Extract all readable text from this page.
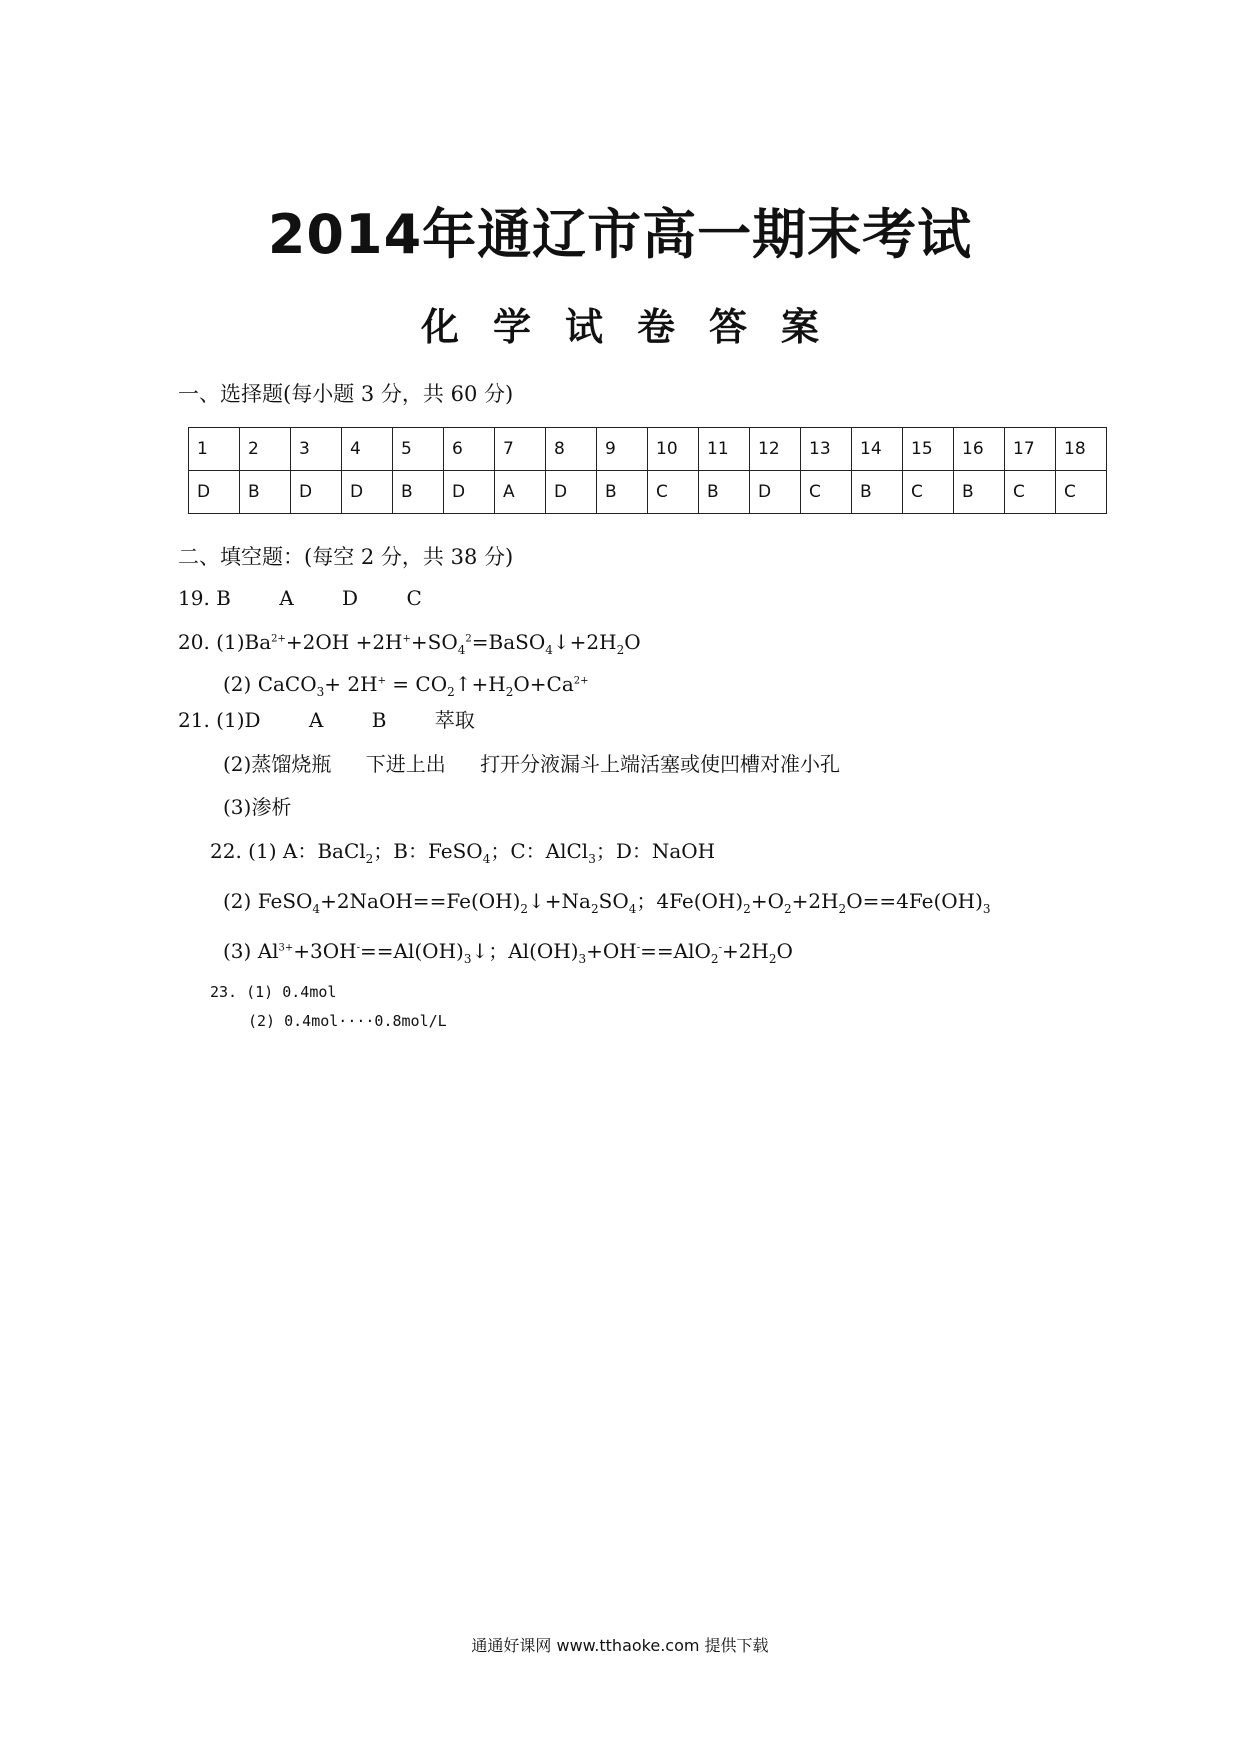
2014年通辽市高一期末考试
化学试卷答案
一、选择题(每小题 3 分，共 60 分)
1	2	3	4	5	6	7	8	9	10	11	12	13	14	15	16	17	18
D	B	D	D	B	D	A	D	B	C	B	D	C	B	C	B	C	C
二、填空题：(每空 2 分，共 38 分)
19. B A D C
20. $(1)Ba^{2+}+2OH$ $+2H^++SO_4^2=BaSO_4↓+2H_2O$
(2) CaCO$_3$+ $2H^+ = CO_2↑+H_2O+Ca^{2+}$
21. (1)D A B 萃取
(2)蒸馏烧瓶 下进上出 打开分液漏斗上端活塞或使凹槽对准小孔
(3)渗析
22. (1) A：BaCl$_2$；B：FeSO$_4$；C：AlCl$_3$；D：NaOH
(2) $FeSO_4+2NaOH==Fe(OH)_2↓+Na_2SO_4$；$4Fe(OH)_2+O_2+2H_2O==4Fe(OH)_3$
(3) $Al^{3+}+3OH^-==Al(OH)_3↓$；$Al(OH)_3+OH^-==AlO_2^-+2H_2O$
23. (1) 0.4mol
(2) 0.4mol····0.8mol/L
通通好课网 www.tthaoke.com 提供下载
